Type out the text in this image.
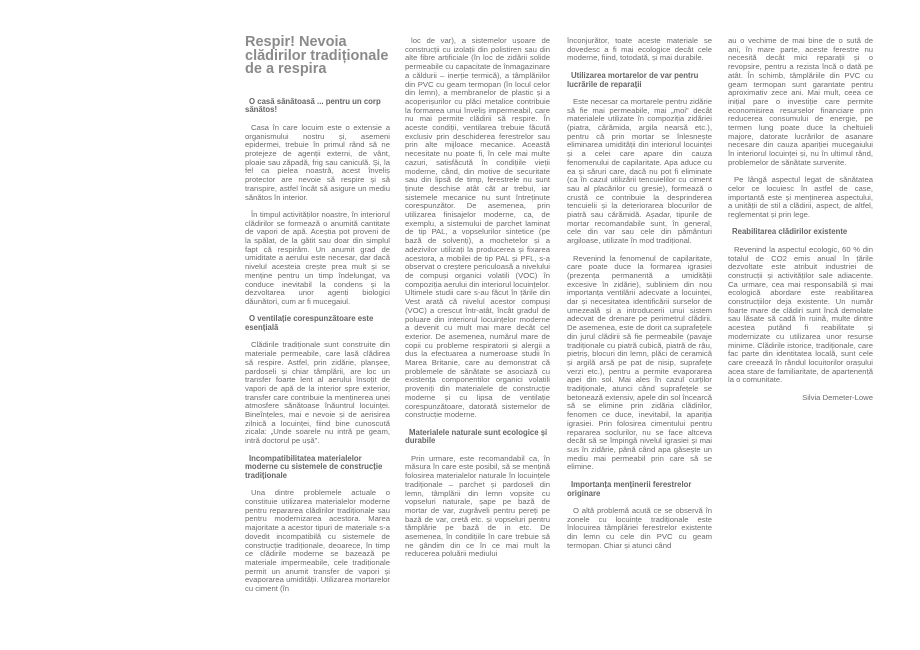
Respir! Nevoia clădirilor tradiționale de a respira
O casă sănătoasă ... pentru un corp sănătos!

Casa în care locuim este o extensie a organismului nostru și, asemeni epidermei, trebuie în primul rând să ne protejeze de agenții externi, de vânt, ploaie sau zăpadă, frig sau caniculă. Și, la fel ca pielea noastră, acest înveliș protector are nevoie să respire și să transpire, astfel încât să asigure un mediu sănătos în interior.

În timpul activităților noastre, în interiorul clădirilor se formează o anumită cantitate de vapori de apă. Aceștia pot proveni de la spălat, de la gătit sau doar din simplul fapt că respirăm. Un anumit grad de umiditate a aerului este necesar, dar dacă nivelul acesteia crește prea mult și se menține pentru un timp îndelungat, va conduce inevitabil la condens și la dezvoltarea unor agenți biologici dăunători, cum ar fi mucegaiul.

O ventilație corespunzătoare este esențială

Clădirile tradiționale sunt construite din materiale permeabile, care lasă clădirea să respire. Astfel, prin zidărie, planșee, pardoseli și chiar tâmplării, are loc un transfer foarte lent al aerului însoțit de vapori de apă de la interior spre exterior, transfer care contribuie la menținerea unei atmosfere sănătoase înăuntrul locuinței. Bineînțeles, mai e nevoie și de aerisirea zilnică a locuinței, fiind bine cunoscută zicala: „Unde soarele nu intră pe geam, intră doctorul pe ușă”.

Incompatibilitatea materialelor moderne cu sistemele de construcție tradiționale

Una dintre problemele actuale o constituie utilizarea materialelor moderne pentru repararea clădirilor tradiționale sau pentru modernizarea acestora. Marea majoritate a acestor tipuri de materiale s-a dovedit incompatibilă cu sistemele de construcție tradiționale, deoarece, în timp ce clădirile moderne se bazează pe materiale impermeabile, cele tradiționale permit un anumit transfer de vapori și evaporarea umidității. Utilizarea mortarelor cu ciment (în

loc de var), a sistemelor ușoare de construcții cu izolații din polistiren sau din alte fibre artificiale (în loc de zidării solide permeabile cu capacitate de înmagazinare a căldurii – inerție termică), a tâmplăriilor din PVC cu geam termopan (în locul celor din lemn), a membranelor de plastic și a acoperișurilor cu plăci metalice contribuie la formarea unui înveliș impermeabil, care nu mai permite clădirii să respire. În aceste condiții, ventilarea trebuie făcută exclusiv prin deschiderea ferestrelor sau prin alte mijloace mecanice. Această necesitate nu poate fi, în cele mai multe cazuri, satisfăcută în condițiile vieții moderne, când, din motive de securitate sau din lipsă de timp, ferestrele nu sunt ținute deschise atât cât ar trebui, iar sistemele mecanice nu sunt întreținute corespunzător. De asemenea, prin utilizarea finisajelor moderne, ca, de exemplu, a sistemului de parchet laminat de tip PAL, a vopselurilor sintetice (pe bază de solvenți), a mochetelor și a adezivilor utilizați la producerea și fixarea acestora, a mobilei de tip PAL și PFL, s-a observat o creștere periculoasă a nivelului de compuși organici volatili (VOC) în compoziția aerului din interiorul locuințelor. Ultimele studii care s-au făcut în țările din Vest arată că nivelul acestor compuși (VOC) a crescut într-atât, încât gradul de poluare din interiorul locuințelor moderne a devenit cu mult mai mare decât cel exterior. De asemenea, numărul mare de copii cu probleme respiratorii și alergii a dus la efectuarea a numeroase studii în Marea Britanie, care au demonstrat că problemele de sănătate se asociază cu existența componentilor organici volatili proveniți din materialele de construcție moderne și cu lipsa de ventilație corespunzătoare, datorată sistemelor de construcție moderne.

Materialele naturale sunt ecologice și durabile

Prin urmare, este recomandabil ca, în măsura în care este posibil, să se mențină folosirea materialelor naturale în locuințele tradiționale – parchet și pardoseli din lemn, tâmplării din lemn vopsite cu vopseluri naturale, șape pe bază de mortar de var, zugrăveli pentru pereți pe bază de var, cretă etc. și vopseluri pentru tâmplărie pe bază de in etc. De asemenea, în condițiile în care trebuie să ne gândim din ce în ce mai mult la reducerea poluării mediului

înconjurător, toate aceste materiale se dovedesc a fi mai ecologice decât cele moderne, fiind, totodată, și mai durabile.

Utilizarea mortarelor de var pentru lucrările de reparații

Este necesar ca mortarele pentru zidărie să fie mai permeabile, mai „moi” decât materialele utilizate în compoziția zidăriei (piatra, cărămida, argila nearsă etc.), pentru că prin mortar se înlesnește eliminarea umidității din interiorul locuinței și a celei care apare din cauza fenomenului de capilaritate. Apa aduce cu ea și săruri care, dacă nu pot fi eliminate (ca în cazul utilizării tencuielilor cu ciment sau al placărilor cu gresie), formează o crustă ce contribuie la desprinderea tencuielii și la deteriorarea blocurilor de piatră sau cărămidă. Așadar, tipurile de mortar recomandabile sunt, în general, cele din var sau cele din pământuri argiloase, utilizate în mod tradițional.

Revenind la fenomenul de capilaritate, care poate duce la formarea igrasiei (prezența permanentă a umidității excesive în zidărie), subliniem din nou importanța ventilării adecvate a locuinței, dar și necesitatea identificării surselor de umezeală și a introducerii unui sistem adecvat de drenare pe perimetrul clădirii. De asemenea, este de dorit ca suprafețele din jurul clădirii să fie permeabile (pavaje tradiționale cu piatră cubică, piatră de râu, pietriș, blocuri din lemn, plăci de ceramică și argilă arsă pe pat de nisip, suprafețe verzi etc.), pentru a permite evaporarea apei din sol. Mai ales în cazul curților tradiționale, atunci când suprafețele se betonează extensiv, apele din sol încearcă să se elimine prin zidăria clădirilor, fenomen ce duce, inevitabil, la apariția igrasiei. Prin folosirea cimentului pentru repararea soclurilor, nu se face altceva decât să se împingă nivelul igrasiei și mai sus în zidărie, până când apa găsește un mediu mai permeabil prin care să se elimine.

Importanța menținerii ferestrelor originare

O altă problemă acută ce se observă în zonele cu locuințe tradiționale este înlocuirea tâmplăriei ferestrelor existente din lemn cu cele din PVC cu geam termopan. Chiar și atunci când

au o vechime de mai bine de o sută de ani, în mare parte, aceste ferestre nu necesită decât mici reparații și o revopsire, pentru a rezista încă o dată pe atât. În schimb, tâmplăriile din PVC cu geam termopan sunt garantate pentru aproximativ zece ani. Mai mult, ceea ce inițial pare o investiție care permite economisirea resurselor financiare prin reducerea consumului de energie, pe termen lung poate duce la cheltuieli majore, datorate lucrărilor de asanare necesare din cauza apariției mucegaiului în interiorul locuinței și, nu în ultimul rând, problemelor de sănătate survenite.

Pe lângă aspectul legat de sănătatea celor ce locuiesc în astfel de case, importantă este și menținerea aspectului, a unității de stil a clădirii, aspect, de altfel, reglementat și prin lege.

Reabilitarea clădirilor existente

Revenind la aspectul ecologic, 60 % din totalul de CO2 emis anual în țările dezvoltate este atribuit industriei de construcții și activităților sale adiacente. Ca urmare, cea mai responsabilă și mai ecologică abordare este reabilitarea construcțiilor deja existente. Un număr foarte mare de clădiri sunt încă demolate sau lăsate să cadă în ruină, multe dintre acestea putând fi reabilitate și modernizate cu utilizarea unor resurse minime. Clădirile istorice, tradiționale, care fac parte din identitatea locală, sunt cele care creează în rândul locuitorilor orașului acea stare de familiaritate, de apartenență la o comunitate.

Silvia Demeter-Lowe
